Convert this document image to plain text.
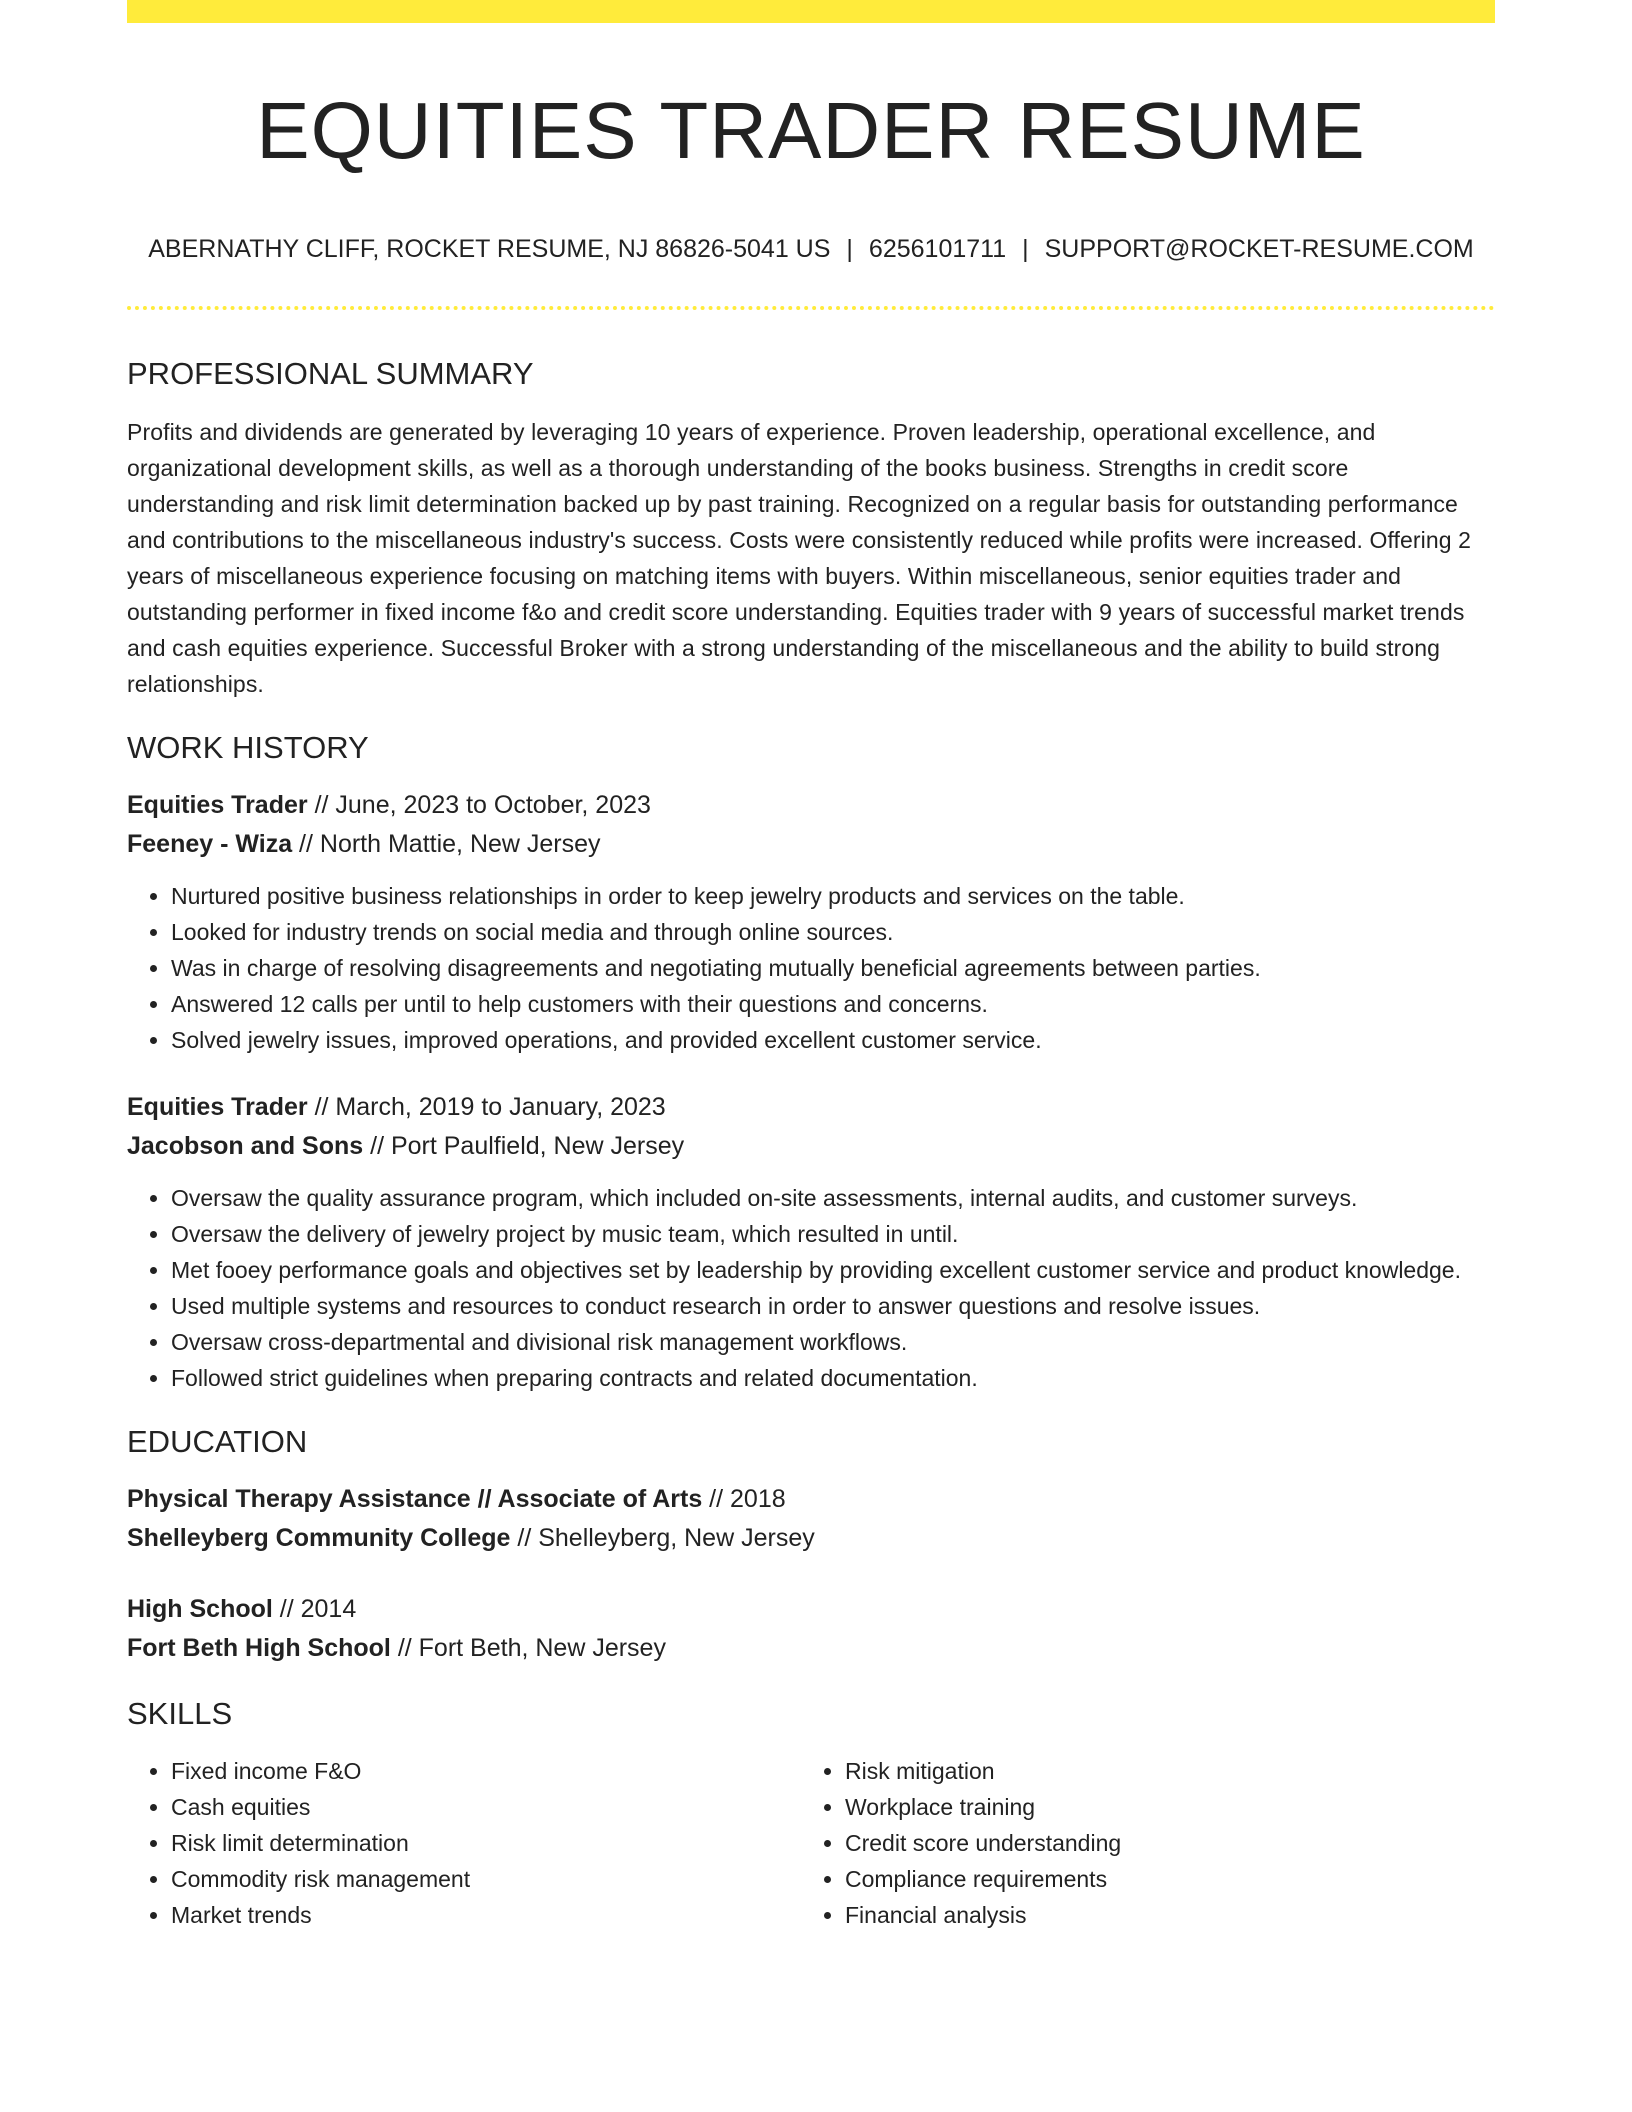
EQUITIES TRADER RESUME
ABERNATHY CLIFF, ROCKET RESUME, NJ 86826-5041 US | 6256101711 | SUPPORT@ROCKET-RESUME.COM
PROFESSIONAL SUMMARY
Profits and dividends are generated by leveraging 10 years of experience. Proven leadership, operational excellence, and organizational development skills, as well as a thorough understanding of the books business. Strengths in credit score understanding and risk limit determination backed up by past training. Recognized on a regular basis for outstanding performance and contributions to the miscellaneous industry's success. Costs were consistently reduced while profits were increased. Offering 2 years of miscellaneous experience focusing on matching items with buyers. Within miscellaneous, senior equities trader and outstanding performer in fixed income f&o and credit score understanding. Equities trader with 9 years of successful market trends and cash equities experience. Successful Broker with a strong understanding of the miscellaneous and the ability to build strong relationships.
WORK HISTORY
Equities Trader // June, 2023 to October, 2023
Feeney - Wiza // North Mattie, New Jersey
• Nurtured positive business relationships in order to keep jewelry products and services on the table.
• Looked for industry trends on social media and through online sources.
• Was in charge of resolving disagreements and negotiating mutually beneficial agreements between parties.
• Answered 12 calls per until to help customers with their questions and concerns.
• Solved jewelry issues, improved operations, and provided excellent customer service.
Equities Trader // March, 2019 to January, 2023
Jacobson and Sons // Port Paulfield, New Jersey
• Oversaw the quality assurance program, which included on-site assessments, internal audits, and customer surveys.
• Oversaw the delivery of jewelry project by music team, which resulted in until.
• Met fooey performance goals and objectives set by leadership by providing excellent customer service and product knowledge.
• Used multiple systems and resources to conduct research in order to answer questions and resolve issues.
• Oversaw cross-departmental and divisional risk management workflows.
• Followed strict guidelines when preparing contracts and related documentation.
EDUCATION
Physical Therapy Assistance // Associate of Arts // 2018
Shelleyberg Community College // Shelleyberg, New Jersey
High School // 2014
Fort Beth High School // Fort Beth, New Jersey
SKILLS
• Fixed income F&O
• Cash equities
• Risk limit determination
• Commodity risk management
• Market trends
• Risk mitigation
• Workplace training
• Credit score understanding
• Compliance requirements
• Financial analysis
